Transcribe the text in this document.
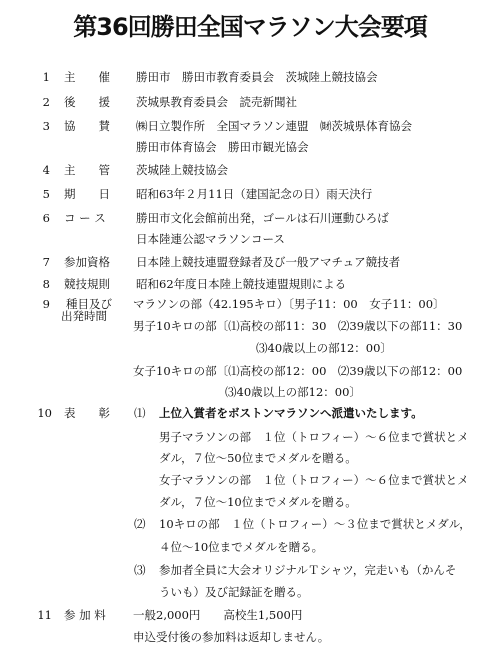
第36回勝田全国マラソン大会要項
1 主　　催	勝田市　勝田市教育委員会　茨城陸上競技協会
2 後　　援	茨城県教育委員会　読売新聞社
3 協　　賛	㈱日立製作所　全国マラソン連盟　㈶茨城県体育協会
勝田市体育協会　勝田市観光協会
4 主　　管	茨城陸上競技協会
5 期　　日	昭和63年２月11日（建国記念の日）雨天決行
6 コ ー ス	勝田市文化会館前出発，ゴールは石川運動ひろば
日本陸連公認マラソンコース
7 参加資格	日本陸上競技連盟登録者及び一般アマチュア競技者
8 競技規則	昭和62年度日本陸上競技連盟規則による
9 種目及び	マラソンの部（42.195キロ）〔男子11：00　女子11：00〕
出発時間
男子10キロの部〔⑴高校の部11：30　⑵39歳以下の部11：30
⑶40歳以上の部12：00〕
女子10キロの部〔⑴高校の部12：00　⑵39歳以下の部12：00
⑶40歳以上の部12：00〕
10 表　　彰	⑴	上位入賞者をボストンマラソンへ派遣いたします。
男子マラソンの部　１位（トロフィー）～６位まで賞状とメ
ダル，７位～50位までメダルを贈る。
女子マラソンの部　１位（トロフィー）～６位まで賞状とメ
ダル，７位～10位までメダルを贈る。
⑵	10キロの部　１位（トロフィー）～３位まで賞状とメダル，
４位～10位までメダルを贈る。
⑶	参加者全員に大会オリジナルＴシャツ，完走いも（かんそ
ういも）及び記録証を贈る。
11 参 加 料	一般2,000円　　高校生1,500円
申込受付後の参加料は返却しません。
